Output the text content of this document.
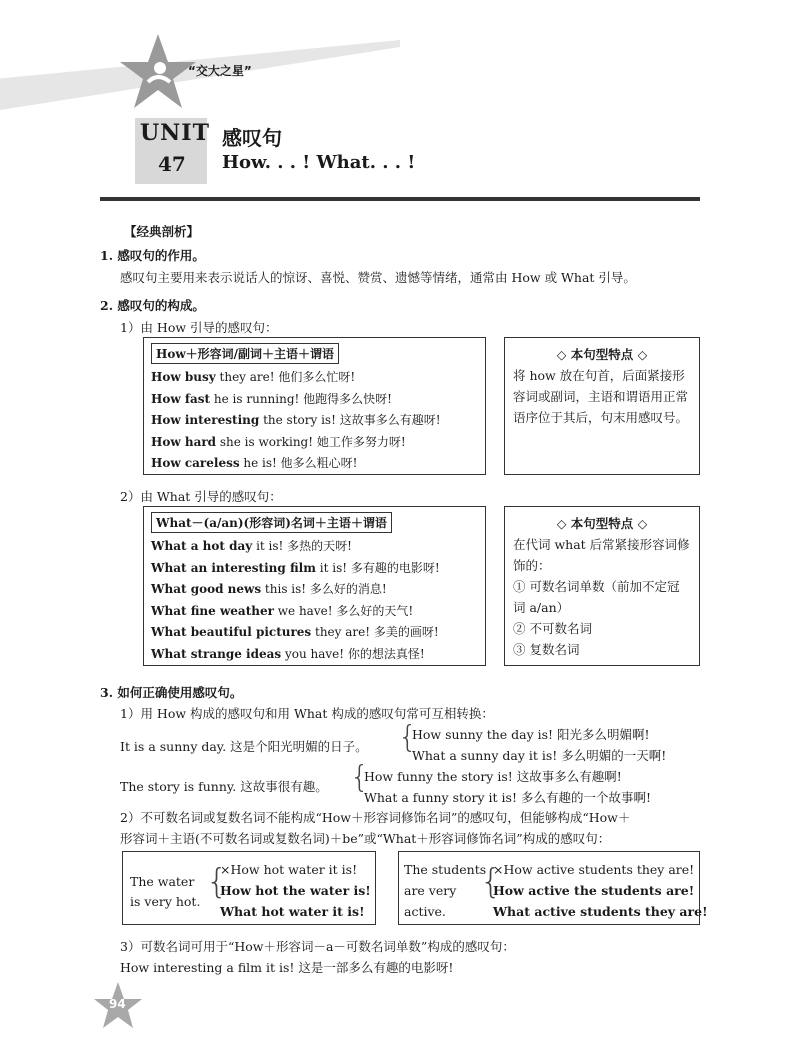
“交大之星”
UNIT
47
感叹句
How. . . ! What. . . !
【经典剖析】
1. 感叹句的作用。
感叹句主要用来表示说话人的惊讶、喜悦、赞赏、遗憾等情绪，通常由 How 或 What 引导。
2. 感叹句的构成。
1）由 How 引导的感叹句：
How＋形容词/副词＋主语＋谓语
How busy they are! 他们多么忙呀!
How fast he is running! 他跑得多么快呀!
How interesting the story is! 这故事多么有趣呀!
How hard she is working! 她工作多努力呀!
How careless he is! 他多么粗心呀!
◇ 本句型特点 ◇
将 how 放在句首，后面紧接形容词或副词，主语和谓语用正常语序位于其后，句末用感叹号。
2）由 What 引导的感叹句：
What－(a/an)(形容词)名词＋主语＋谓语
What a hot day it is! 多热的天呀!
What an interesting film it is! 多有趣的电影呀!
What good news this is! 多么好的消息!
What fine weather we have! 多么好的天气!
What beautiful pictures they are! 多美的画呀!
What strange ideas you have! 你的想法真怪!
◇ 本句型特点 ◇
在代词 what 后常紧接形容词修饰的：
① 可数名词单数（前加不定冠词 a/an）
② 不可数名词
③ 复数名词
3. 如何正确使用感叹句。
1）用 How 构成的感叹句和用 What 构成的感叹句常可互相转换：
It is a sunny day. 这是个阳光明媚的日子。 {
How sunny the day is! 阳光多么明媚啊!
What a sunny day it is! 多么明媚的一天啊!
The story is funny. 这故事很有趣。 {
How funny the story is! 这故事多么有趣啊!
What a funny story it is! 多么有趣的一个故事啊!
2）不可数名词或复数名词不能构成“How＋形容词修饰名词”的感叹句，但能够构成“How＋
形容词＋主语(不可数名词或复数名词)＋be”或“What＋形容词修饰名词”构成的感叹句：
The water
is very hot. {
×How hot water it is!
How hot the water is!
What hot water it is!
The students
are very
active.
{
×How active students they are!
How active the students are!
What active students they are!
3）可数名词可用于“How＋形容词－a－可数名词单数”构成的感叹句：
How interesting a film it is! 这是一部多么有趣的电影呀!
94
